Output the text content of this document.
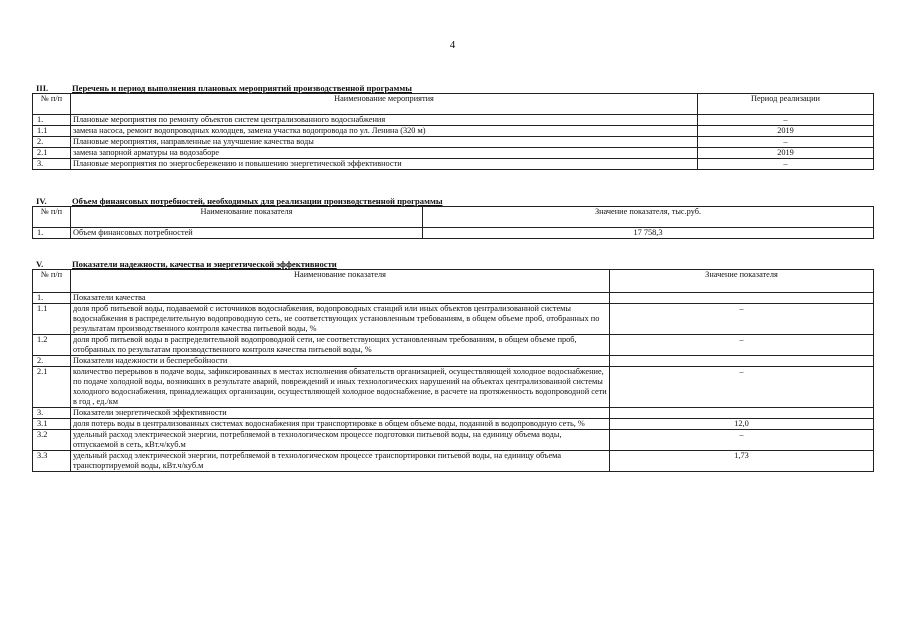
4
III.	Перечень и период выполнения плановых мероприятий производственной программы
№ п/п	Наименование мероприятия	Период реализации
1.	Плановые мероприятия по ремонту объектов систем централизованного водоснабжения	–
1.1	замена насоса, ремонт водопроводных колодцев, замена участка водопровода по ул. Ленина (320 м)	2019
2.	Плановые мероприятия, направленные на улучшение качества воды	–
2.1	замена запорной арматуры на водозаборе	2019
3.	Плановые мероприятия по энергосбережению и повышению энергетической эффективности	–
IV.	Объем финансовых потребностей, необходимых для реализации производственной программы
№ п/п	Наименование показателя	Значение показателя, тыс.руб.
1.	Объем финансовых потребностей	17 758,3
V.	Показатели надежности, качества и энергетической эффективности
№ п/п	Наименование показателя	Значение показателя
1.	Показатели качества	
1.1	доля проб питьевой воды, подаваемой с источников водоснабжения, водопроводных станций или иных объектов централизованной системы водоснабжения в распределительную водопроводную сеть, не соответствующих установленным требованиям, в общем объеме проб, отобранных по результатам производственного контроля качества питьевой воды, %	–
1.2	доля проб питьевой воды в распределительной водопроводной сети, не соответствующих установленным требованиям, в общем объеме проб, отобранных по результатам производственного контроля качества питьевой воды, %	–
2.	Показатели надежности и бесперебойности	
2.1	количество перерывов в подаче воды, зафиксированных в местах исполнения обязательств организацией, осуществляющей холодное водоснабжение, по подаче холодной воды, возникших в результате аварий, повреждений и иных технологических нарушений на объектах централизованной системы холодного водоснабжения, принадлежащих организации, осуществляющей холодное водоснабжение, в расчете на протяженность водопроводной сети в год , ед./км	–
3.	Показатели энергетической эффективности	
3.1	доля потерь воды в централизованных системах водоснабжения при транспортировке в общем объеме воды, поданной в водопроводную сеть, %	12,0
3.2	удельный расход электрической энергии, потребляемой в технологическом процессе подготовки питьевой воды, на единицу объема воды, отпускаемой в сеть, кВт.ч/куб.м	–
3.3	удельный расход электрической энергии, потребляемой в технологическом процессе транспортировки питьевой воды, на единицу объема транспортируемой воды, кВт.ч/куб.м	1,73
